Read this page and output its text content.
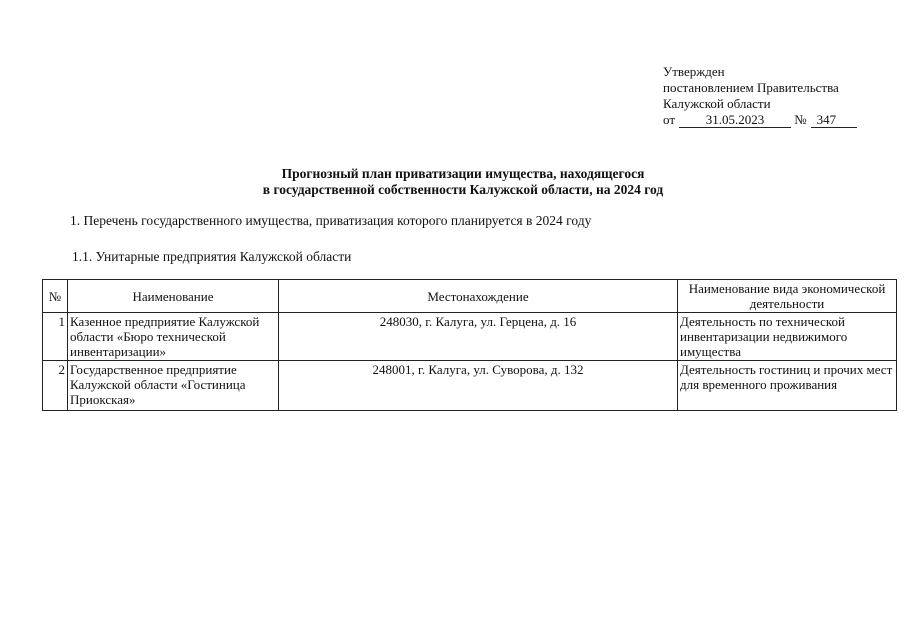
Утвержден
постановлением Правительства
Калужской области
от 31.05.2023 № 347
Прогнозный план приватизации имущества, находящегося
в государственной собственности Калужской области, на 2024 год
1. Перечень государственного имущества, приватизация которого планируется в 2024 году
1.1. Унитарные предприятия Калужской области
№	Наименование	Местонахождение	Наименование вида экономической деятельности
1	Казенное предприятие Калужской области «Бюро технической инвентаризации»	248030, г. Калуга, ул. Герцена, д. 16	Деятельность по технической инвентаризации недвижимого имущества
2	Государственное предприятие Калужской области «Гостиница Приокская»	248001, г. Калуга, ул. Суворова, д. 132	Деятельность гостиниц и прочих мест для временного проживания
